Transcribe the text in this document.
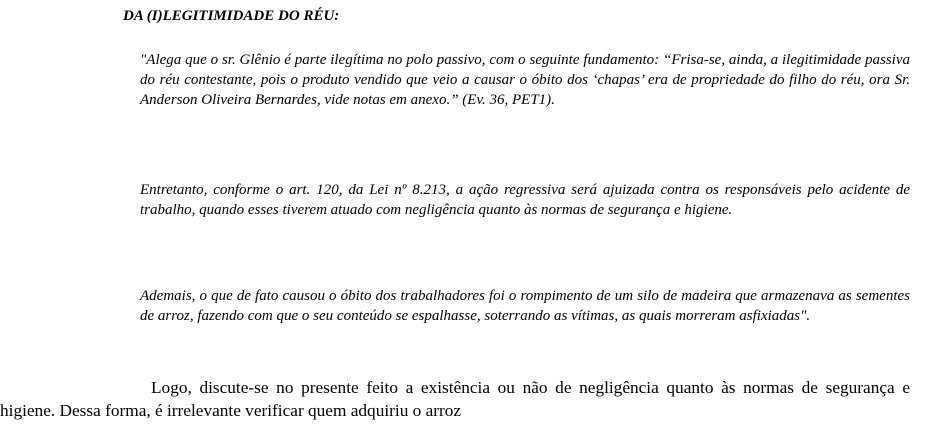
DA (I)LEGITIMIDADE DO RÉU:

"Alega que o sr. Glênio é parte ilegítima no polo passivo, com o seguinte fundamento: “Frisa-se, ainda, a ilegitimidade passiva do réu contestante, pois o produto vendido que veio a causar o óbito dos ‘chapas’ era de propriedade do filho do réu, ora Sr. Anderson Oliveira Bernardes, vide notas em anexo.” (Ev. 36, PET1).

Entretanto, conforme o art. 120, da Lei nº 8.213, a ação regressiva será ajuizada contra os responsáveis pelo acidente de trabalho, quando esses tiverem atuado com negligência quanto às normas de segurança e higiene.

Ademais, o que de fato causou o óbito dos trabalhadores foi o rompimento de um silo de madeira que armazenava as sementes de arroz, fazendo com que o seu conteúdo se espalhasse, soterrando as vítimas, as quais morreram asfixiadas".

Logo, discute-se no presente feito a existência ou não de negligência quanto às normas de segurança e higiene. Dessa forma, é irrelevante verificar quem adquiriu o arroz
